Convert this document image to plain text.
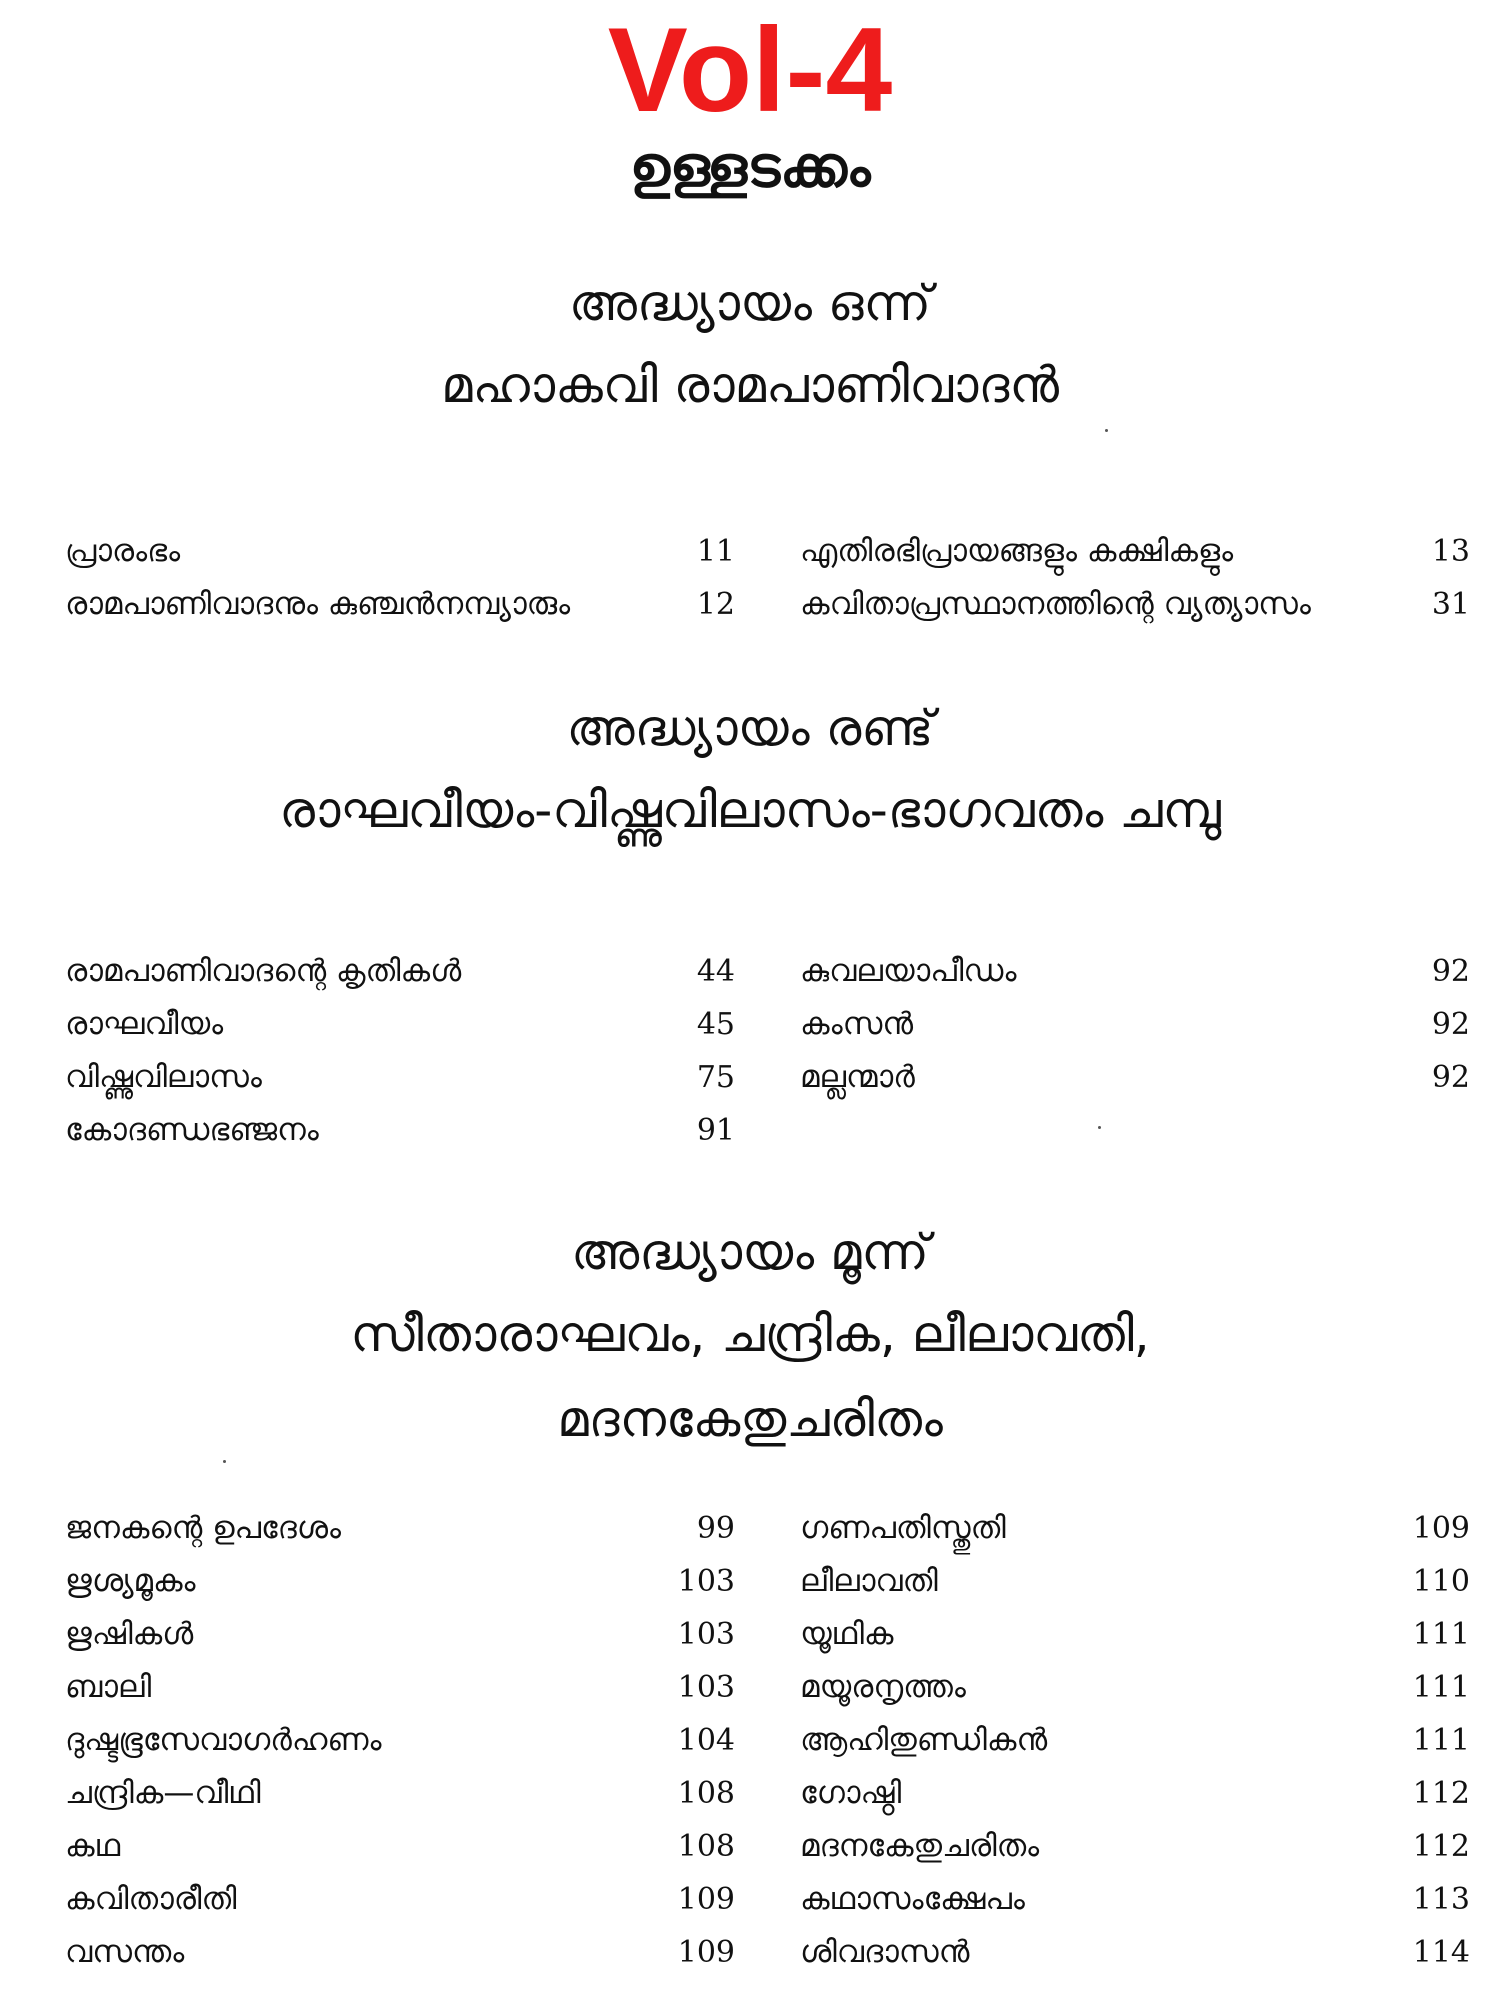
Vol-4
ഉള്ളടക്കം
അദ്ധ്യായം ഒന്ന്
മഹാകവി രാമപാണിവാദൻ
പ്രാരംഭം	11
രാമപാണിവാദനും കുഞ്ചൻനമ്പ്യാരും	12
എതിരഭിപ്രായങ്ങളും കക്ഷികളും	13
കവിതാപ്രസ്ഥാനത്തിന്റെ വ്യത്യാസം	31
അദ്ധ്യായം രണ്ട്
രാഘവീയം-വിഷ്ണുവിലാസം-ഭാഗവതം ചമ്പു
രാമപാണിവാദന്റെ കൃതികൾ	44
രാഘവീയം	45
വിഷ്ണുവിലാസം	75
കോദണ്ഡഭഞ്ജനം	91
കുവലയാപീഡം	92
കംസൻ	92
മല്ലന്മാർ	92
അദ്ധ്യായം മൂന്ന്
സീതാരാഘവം, ചന്ദ്രിക, ലീലാവതി,
മദനകേതുചരിതം
ജനകന്റെ ഉപദേശം	99
ഋശ്യമൂകം	103
ഋഷികൾ	103
ബാലി	103
ദുഷ്ടഭൂസേവാഗർഹണം	104
ചന്ദ്രിക—വീഥി	108
കഥ	108
കവിതാരീതി	109
വസന്തം	109
ഗണപതിസ്തുതി	109
ലീലാവതി	110
യൂഥിക	111
മയൂരനൃത്തം	111
ആഹിതുണ്ഡികൻ	111
ഗോഷ്ഠി	112
മദനകേതുചരിതം	112
കഥാസംക്ഷേപം	113
ശിവദാസൻ	114
